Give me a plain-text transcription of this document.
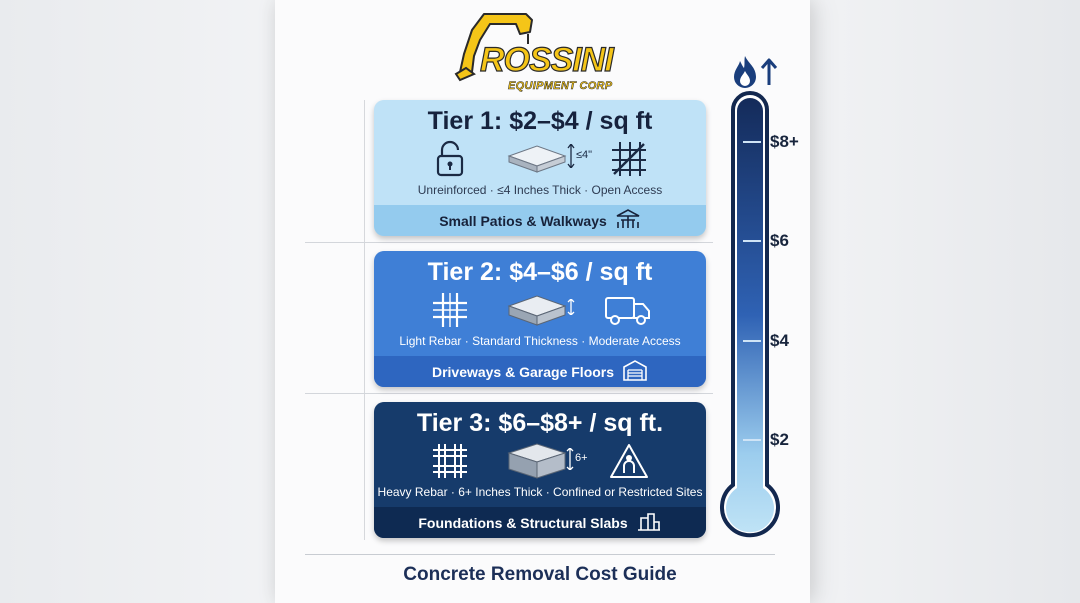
ROSSINI
EQUIPMENT CORP
Tier 1: $2–$4 / sq ft
≤4"
Unreinforced · ≤4 Inches Thick · Open Access
Small Patios & Walkways
Tier 2: $4–$6 / sq ft
Light Rebar · Standard Thickness · Moderate Access
Driveways & Garage Floors
Tier 3: $6–$8+ / sq ft.
6+
Heavy Rebar · 6+ Inches Thick · Confined or Restricted Sites
Foundations & Structural Slabs
$8+
$6
$4
$2
Concrete Removal Cost Guide
